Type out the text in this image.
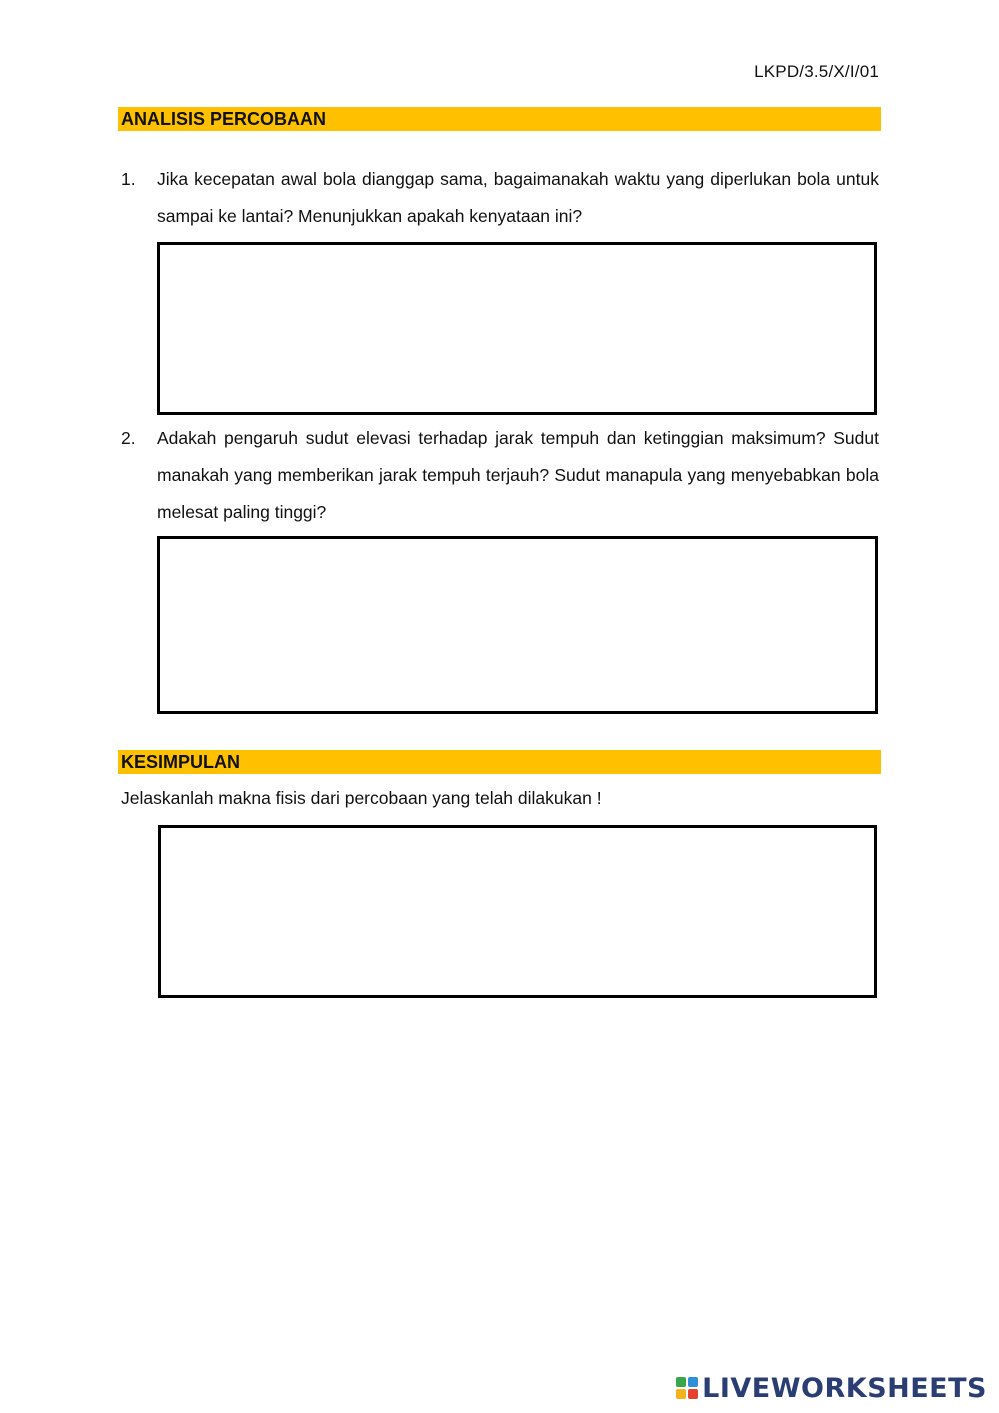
LKPD/3.5/X/I/01
ANALISIS PERCOBAAN
1. Jika kecepatan awal bola dianggap sama, bagaimanakah waktu yang diperlukan bola untuk sampai ke lantai? Menunjukkan apakah kenyataan ini?
2. Adakah pengaruh sudut elevasi terhadap jarak tempuh dan ketinggian maksimum? Sudut manakah yang memberikan jarak tempuh terjauh? Sudut manapula yang menyebabkan bola melesat paling tinggi?
KESIMPULAN
Jelaskanlah makna fisis dari percobaan yang telah dilakukan !
LIVEWORKSHEETS
